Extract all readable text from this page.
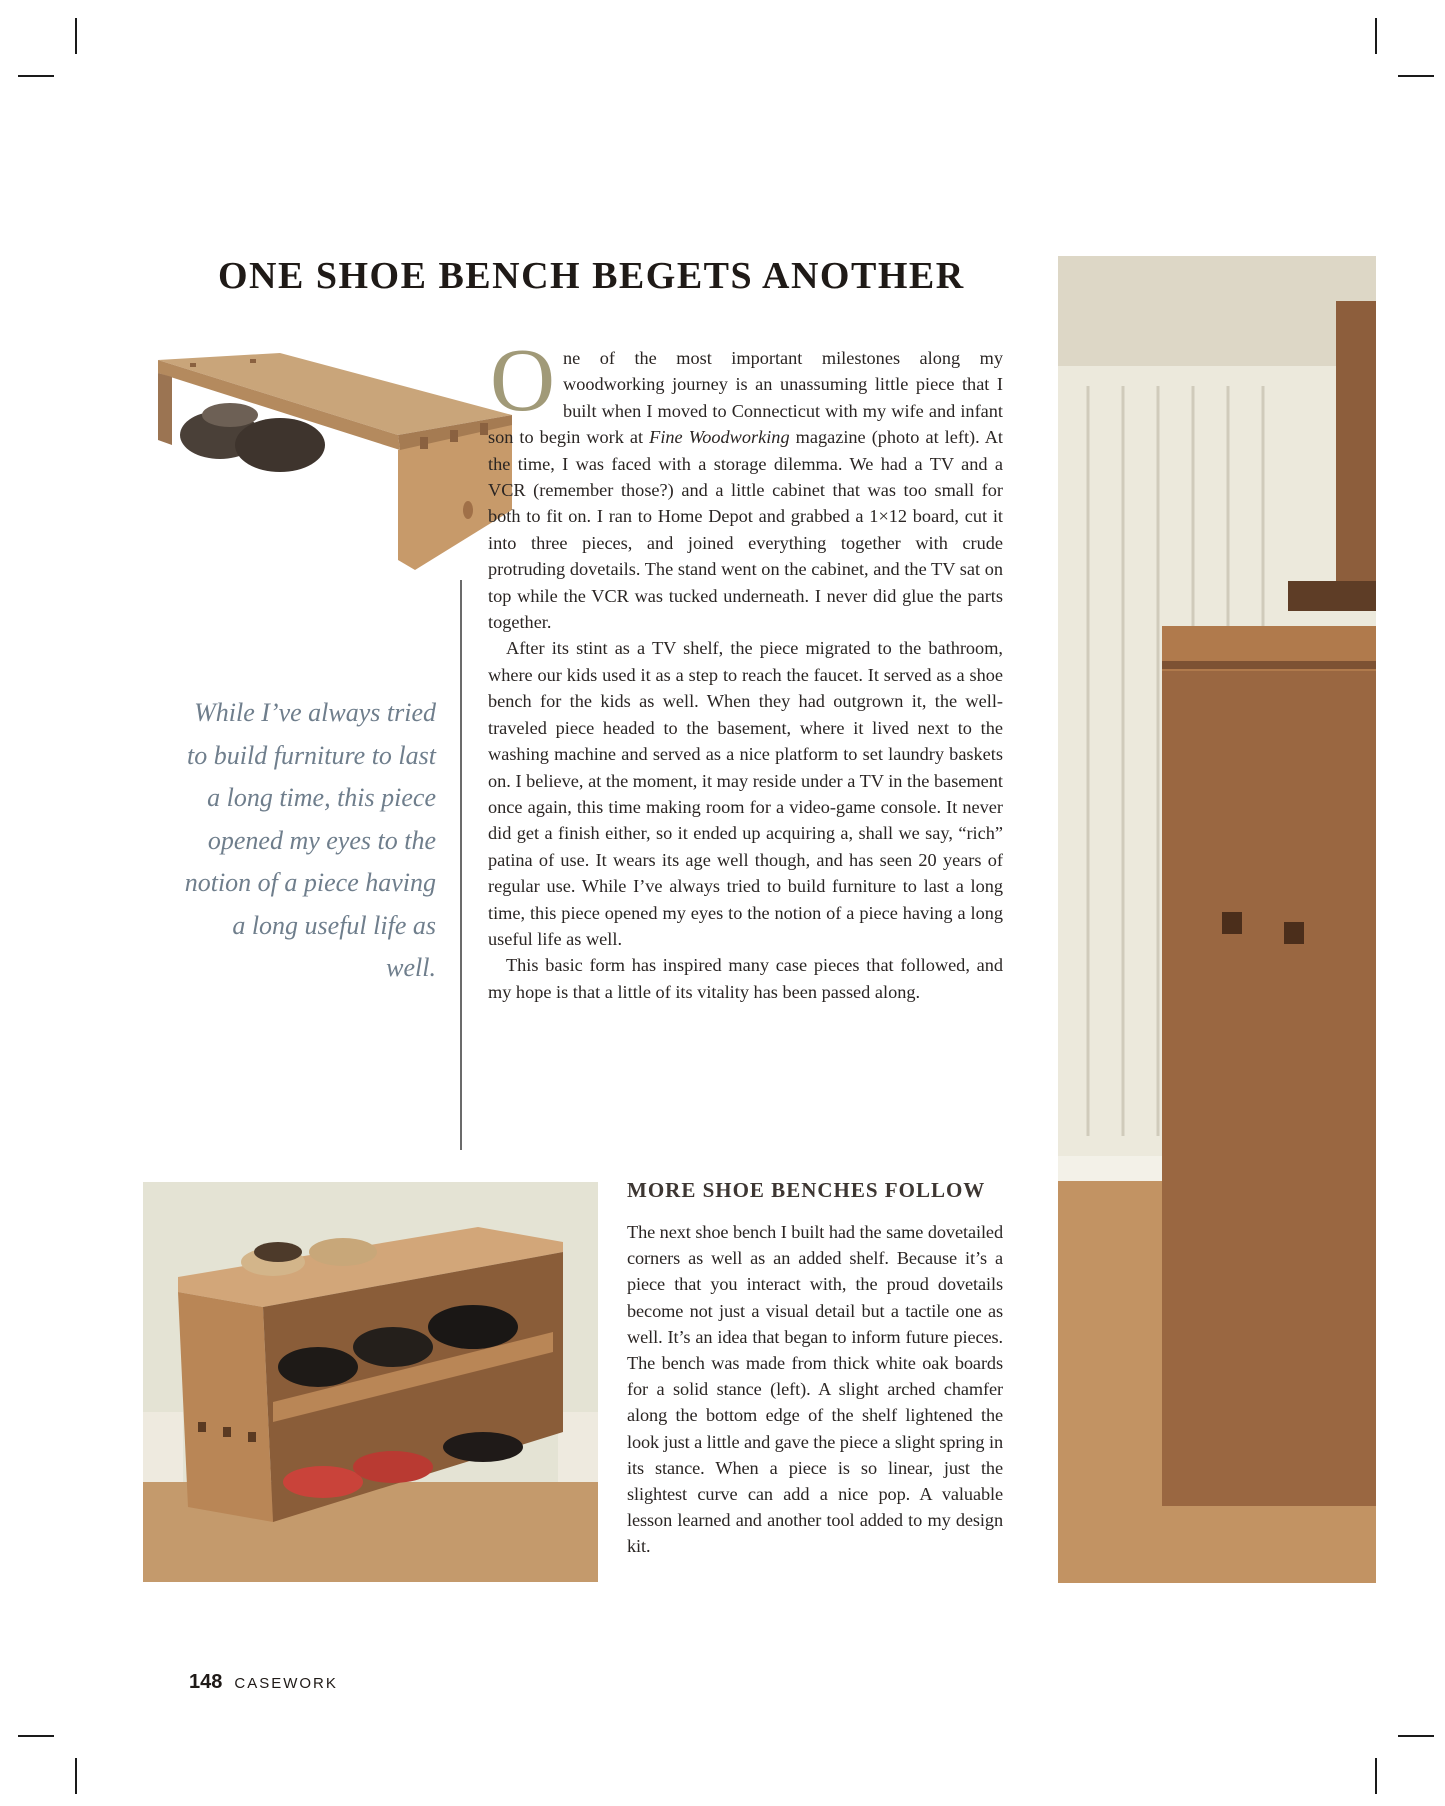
ONE SHOE BENCH BEGETS ANOTHER
While I’ve always tried to build furniture to last a long time, this piece opened my eyes to the notion of a piece having a long useful life as well.

One of the most important milestones along my woodworking journey is an unassuming little piece that I built when I moved to Connecticut with my wife and infant son to begin work at Fine Woodworking magazine (photo at left). At the time, I was faced with a storage dilemma. We had a TV and a VCR (remember those?) and a little cabinet that was too small for both to fit on. I ran to Home Depot and grabbed a 1×12 board, cut it into three pieces, and joined everything together with crude protruding dovetails. The stand went on the cabinet, and the TV sat on top while the VCR was tucked underneath. I never did glue the parts together.

After its stint as a TV shelf, the piece migrated to the bathroom, where our kids used it as a step to reach the faucet. It served as a shoe bench for the kids as well. When they had outgrown it, the well-traveled piece headed to the basement, where it lived next to the washing machine and served as a nice platform to set laundry baskets on. I believe, at the moment, it may reside under a TV in the basement once again, this time making room for a video-game console. It never did get a finish either, so it ended up acquiring a, shall we say, “rich” patina of use. It wears its age well though, and has seen 20 years of regular use. While I’ve always tried to build furniture to last a long time, this piece opened my eyes to the notion of a piece having a long useful life as well.

This basic form has inspired many case pieces that followed, and my hope is that a little of its vitality has been passed along.

MORE SHOE BENCHES FOLLOW

The next shoe bench I built had the same dovetailed corners as well as an added shelf. Because it’s a piece that you interact with, the proud dovetails become not just a visual detail but a tactile one as well. It’s an idea that began to inform future pieces. The bench was made from thick white oak boards for a solid stance (left). A slight arched chamfer along the bottom edge of the shelf lightened the look just a little and gave the piece a slight spring in its stance. When a piece is so linear, just the slightest curve can add a nice pop. A valuable lesson learned and another tool added to my design kit.

148 CASEWORK
